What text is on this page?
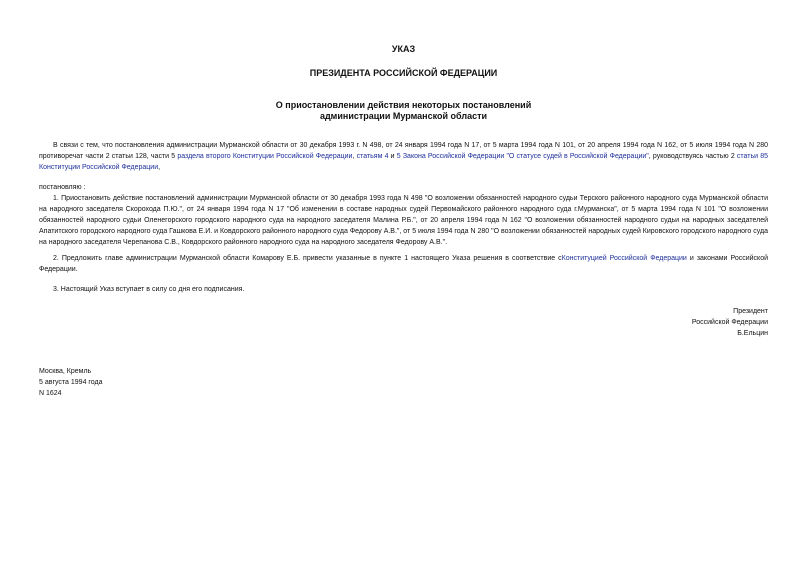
УКАЗ
ПРЕЗИДЕНТА РОССИЙСКОЙ ФЕДЕРАЦИИ
О приостановлении действия некоторых постановлений
администрации Мурманской области
В связи с тем, что постановления администрации Мурманской области от 30 декабря 1993 г. N 498, от 24 января 1994 года N 17, от 5 марта 1994 года N 101, от 20 апреля 1994 года N 162, от 5 июля 1994 года N 280 противоречат части 2 статьи 128, части 5 раздела второго Конституции Российской Федерации, статьям 4 и 5 Закона Российской Федерации "О статусе судей в Российской Федерации", руководствуясь частью 2 статьи 85 Конституции Российской Федерации,
постановляю :
1. Приостановить действие постановлений администрации Мурманской области от 30 декабря 1993 года N 498 "О возложении обязанностей народного судьи Терского районного народного суда Мурманской области на народного заседателя Скорохода П.Ю.", от 24 января 1994 года N 17 "Об изменении в составе народных судей Первомайского районного народного суда г.Мурманска", от 5 марта 1994 года N 101 "О возложении обязанностей народного судьи Оленегорского городского народного суда на народного заседателя Малина Р.Б.", от 20 апреля 1994 года N 162 "О возложении обязанностей народного судьи на народных заседателей Апатитского городского народного суда Гашкова Е.И. и Ковдорского районного народного суда Федорову А.В.", от 5 июля 1994 года N 280 "О возложении обязанностей народных судей Кировского городского народного суда на народного заседателя Черепанова С.В., Ковдорского районного народного суда на народного заседателя Федорову А.В.".
2. Предложить главе администрации Мурманской области Комарову Е.Б. привести указанные в пункте 1 настоящего Указа решения в соответствие сКонституцией Российской Федерации и законами Российской Федерации.
3. Настоящий Указ вступает в силу со дня его подписания.
Президент
Российской Федерации
Б.Ельцин
Москва, Кремль
5 августа 1994 года
N 1624
